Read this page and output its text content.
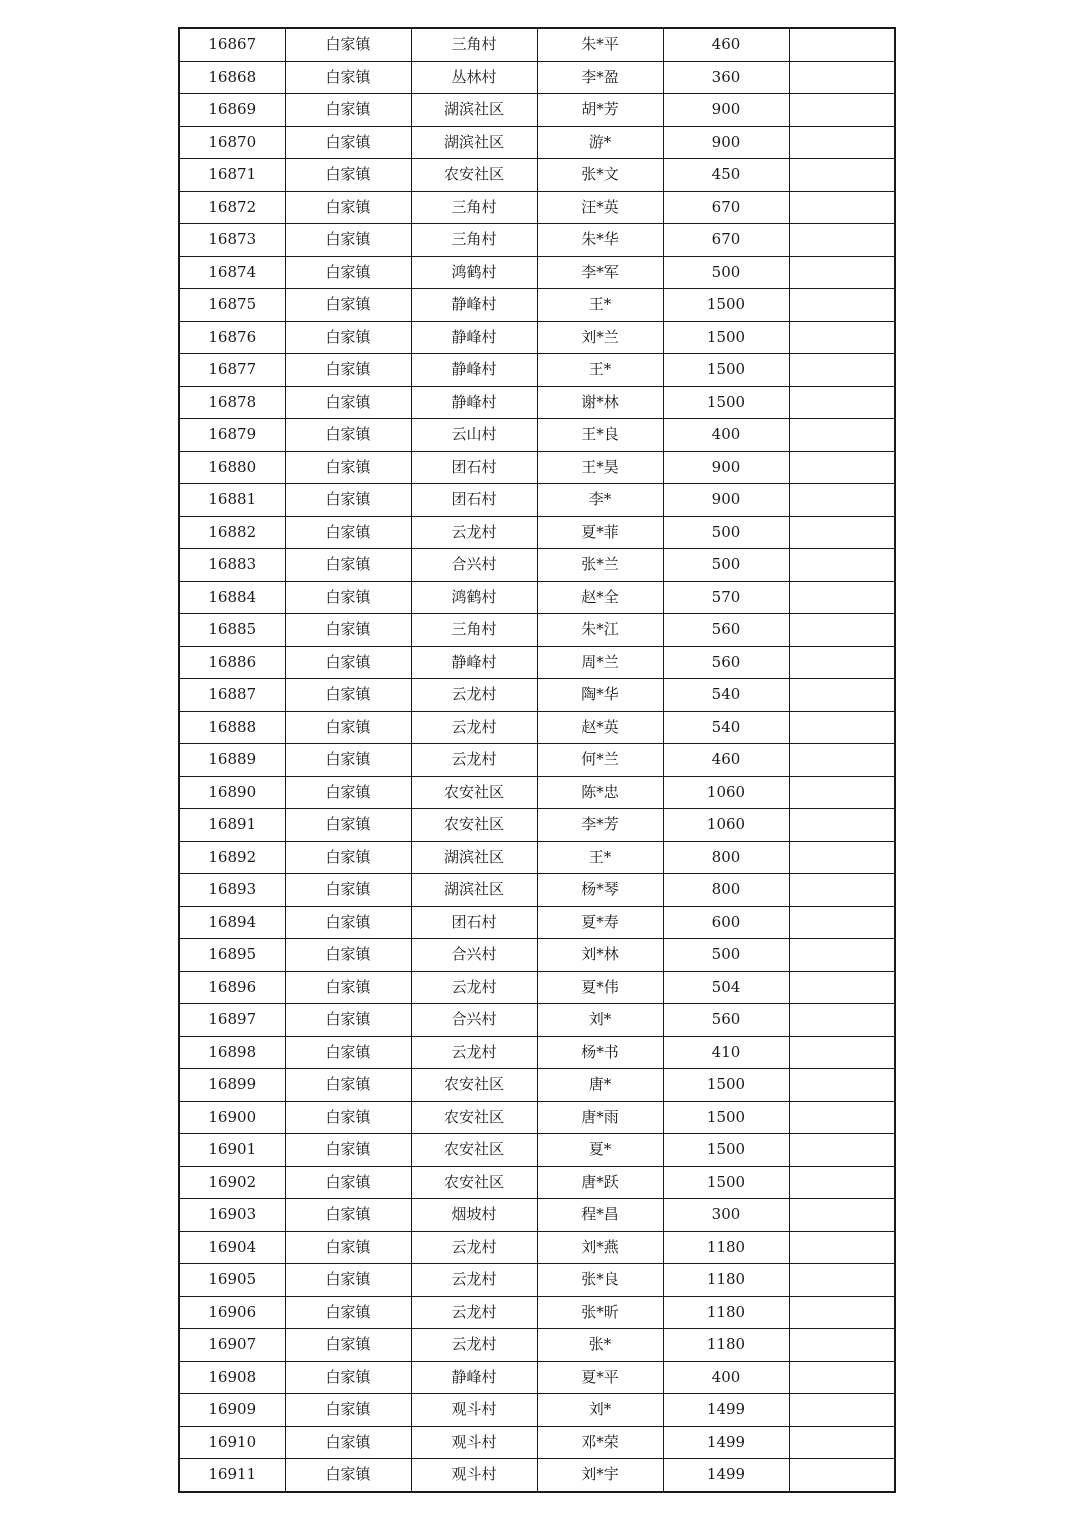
16867	白家镇	三角村	朱*平	460	
16868	白家镇	丛林村	李*盈	360	
16869	白家镇	湖滨社区	胡*芳	900	
16870	白家镇	湖滨社区	游*	900	
16871	白家镇	农安社区	张*文	450	
16872	白家镇	三角村	汪*英	670	
16873	白家镇	三角村	朱*华	670	
16874	白家镇	鸿鹤村	李*军	500	
16875	白家镇	静峰村	王*	1500	
16876	白家镇	静峰村	刘*兰	1500	
16877	白家镇	静峰村	王*	1500	
16878	白家镇	静峰村	谢*林	1500	
16879	白家镇	云山村	王*良	400	
16880	白家镇	团石村	王*昊	900	
16881	白家镇	团石村	李*	900	
16882	白家镇	云龙村	夏*菲	500	
16883	白家镇	合兴村	张*兰	500	
16884	白家镇	鸿鹤村	赵*全	570	
16885	白家镇	三角村	朱*江	560	
16886	白家镇	静峰村	周*兰	560	
16887	白家镇	云龙村	陶*华	540	
16888	白家镇	云龙村	赵*英	540	
16889	白家镇	云龙村	何*兰	460	
16890	白家镇	农安社区	陈*忠	1060	
16891	白家镇	农安社区	李*芳	1060	
16892	白家镇	湖滨社区	王*	800	
16893	白家镇	湖滨社区	杨*琴	800	
16894	白家镇	团石村	夏*寿	600	
16895	白家镇	合兴村	刘*林	500	
16896	白家镇	云龙村	夏*伟	504	
16897	白家镇	合兴村	刘*	560	
16898	白家镇	云龙村	杨*书	410	
16899	白家镇	农安社区	唐*	1500	
16900	白家镇	农安社区	唐*雨	1500	
16901	白家镇	农安社区	夏*	1500	
16902	白家镇	农安社区	唐*跃	1500	
16903	白家镇	烟坡村	程*昌	300	
16904	白家镇	云龙村	刘*燕	1180	
16905	白家镇	云龙村	张*良	1180	
16906	白家镇	云龙村	张*昕	1180	
16907	白家镇	云龙村	张*	1180	
16908	白家镇	静峰村	夏*平	400	
16909	白家镇	观斗村	刘*	1499	
16910	白家镇	观斗村	邓*荣	1499	
16911	白家镇	观斗村	刘*宇	1499	
